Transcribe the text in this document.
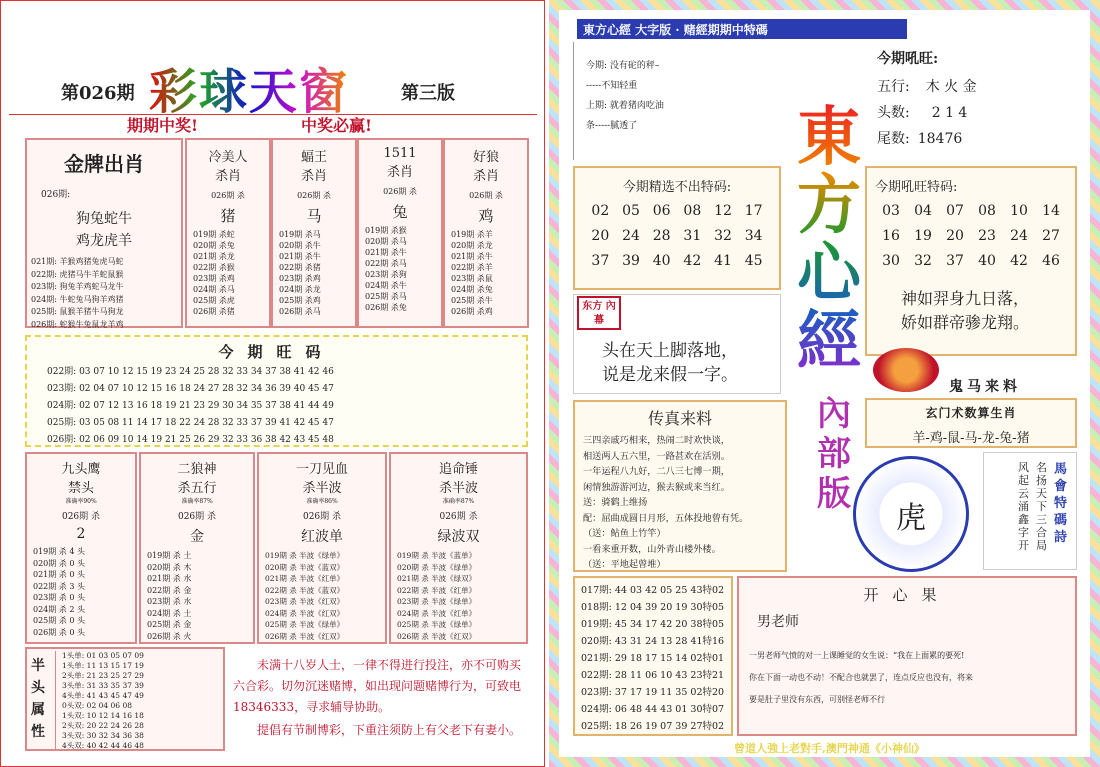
第026期 彩球天窗	第三版
期期中奖!	中奖必赢!
金牌出肖
026期:
狗兔蛇牛
鸡龙虎羊
021期: 羊猴鸡猪兔虎马蛇
022期: 虎猪马牛羊蛇鼠猴
023期: 狗兔羊鸡蛇马龙牛
024期: 牛蛇兔马狗羊鸡猪
025期: 鼠猴羊猪牛马狗龙
026期: 蛇猴牛兔鼠龙羊鸡
冷美人
杀肖
026期 杀
猪
019期 杀蛇
020期 杀兔
021期 杀龙
022期 杀猴
023期 杀鸡
024期 杀马
025期 杀虎
026期 杀猪
蝠王
杀肖
026期 杀
马
019期 杀马
020期 杀牛
021期 杀牛
022期 杀猪
023期 杀鸡
024期 杀龙
025期 杀鸡
026期 杀马
1511
杀肖
026期 杀
兔
019期 杀猴
020期 杀马
021期 杀牛
022期 杀马
023期 杀狗
024期 杀牛
025期 杀马
026期 杀兔
好狼
杀肖
026期 杀
鸡
019期 杀羊
020期 杀龙
021期 杀牛
022期 杀羊
023期 杀鼠
024期 杀兔
025期 杀牛
026期 杀鸡
今期旺码
022期: 03 07 10 12 15 19 23 24 25 28 32 33 34 37 38 41 42 46
023期: 02 04 07 10 12 15 16 18 24 27 28 32 34 36 39 40 45 47
024期: 02 07 12 13 16 18 19 21 23 29 30 34 35 37 38 41 44 49
025期: 03 05 08 11 14 17 18 22 24 28 32 33 37 39 41 42 45 47
026期: 02 06 09 10 14 19 21 25 26 29 32 33 36 38 42 43 45 48
九头鹰
禁头
准确率90%
026期 杀
2
019期 杀 4 头
020期 杀 0 头
021期 杀 0 头
022期 杀 3 头
023期 杀 0 头
024期 杀 2 头
025期 杀 0 头
026期 杀 0 头
二狼神
杀五行
准确率87%
026期 杀
金
019期 杀 土
020期 杀 木
021期 杀 水
022期 杀 金
023期 杀 水
024期 杀 土
025期 杀 金
026期 杀 火
一刀见血
杀半波
准确率86%
026期 杀
红波单
019期 杀 半波《绿单》
020期 杀 半波《蓝双》
021期 杀 半波《红单》
022期 杀 半波《蓝双》
023期 杀 半波《红双》
024期 杀 半波《红双》
025期 杀 半波《绿单》
026期 杀 半波《红双》
追命锤
杀半波
准确率87%
026期 杀
绿波双
019期 杀 半波《蓝单》
020期 杀 半波《绿单》
021期 杀 半波《绿双》
022期 杀 半波《红单》
023期 杀 半波《绿单》
024期 杀 半波《红单》
025期 杀 半波《绿单》
026期 杀 半波《红双》
半头属性
1头单: 01 03 05 07 09
1头单: 11 13 15 17 19
2头单: 21 23 25 27 29
3头单: 31 33 35 37 39
4头单: 41 43 45 47 49
0头双: 02 04 06 08
1头双: 10 12 14 16 18
2头双: 20 22 24 26 28
3头双: 30 32 34 36 38
4头双: 40 42 44 46 48
未满十八岁人士，一律不得进行投注，亦不可购买六合彩。切勿沉迷赌博，如出现问题赌博行为，可致电18346333，寻求辅导协助。
提倡有节制博彩，下重注须防上有父老下有妻小。
東方心經 大字版 · 赌經期期中特碼
曾道人強上老對手,澳門神通《小神仙》
今期: 没有砣的秤–
-----不知轻重
上期: 就着猪肉吃油
条-----腻透了
今期精选不出特码:
02 05 06 08 12 17
20 24 28 31 32 34
37 39 40 42 41 45
东方 內幕
头在天上脚落地，
说是龙来假一字。
传真来料
三四亲戚巧相来，热闹二时欢快谈，
相送两人五六里，一路甚欢在活别。
一年运程八九好，二八三七博一期，
闲情独游游河边，猴去猴或来当红。
送：骑鹤上维扬
配：屈曲成圆日月形，五体投地曾有凭。
（送：鲇鱼上竹竿）
一看来重开数，山外青山楼外楼。
（送：平地起曾堆）
東方心經
內部版
今期吼旺:
五行: 木 火 金
头数: 2 1 4
尾数: 18476
今期吼旺特码:
03	04	07	08	10	14
16	19	20	23	24	27
30	32	37	40	42	46
神如羿身九日落，
娇如群帝骖龙翔。
鬼马来料
玄门术数算生肖
羊-鸡-鼠-马-龙-兔-猪
虎
名扬天下三合局
风起云涌鑫字开
馬會特碼詩
017期: 44 03 42 05 25 43特02
018期: 12 04 39 20 19 30特05
019期: 45 34 17 42 20 38特05
020期: 43 31 24 13 28 41特16
021期: 29 18 17 15 14 02特01
022期: 28 11 06 10 43 23特21
023期: 37 17 19 11 35 02特20
024期: 06 48 44 43 01 30特07
025期: 18 26 19 07 39 27特02
开心果
男老师
一男老师气愤的对一上课睡觉的女生说：“我在上面累的要死!
你在下面一动也不动！不配合也就罢了，连点反应也没有，将来
要是肚子里没有东西，可别怪老师不行
